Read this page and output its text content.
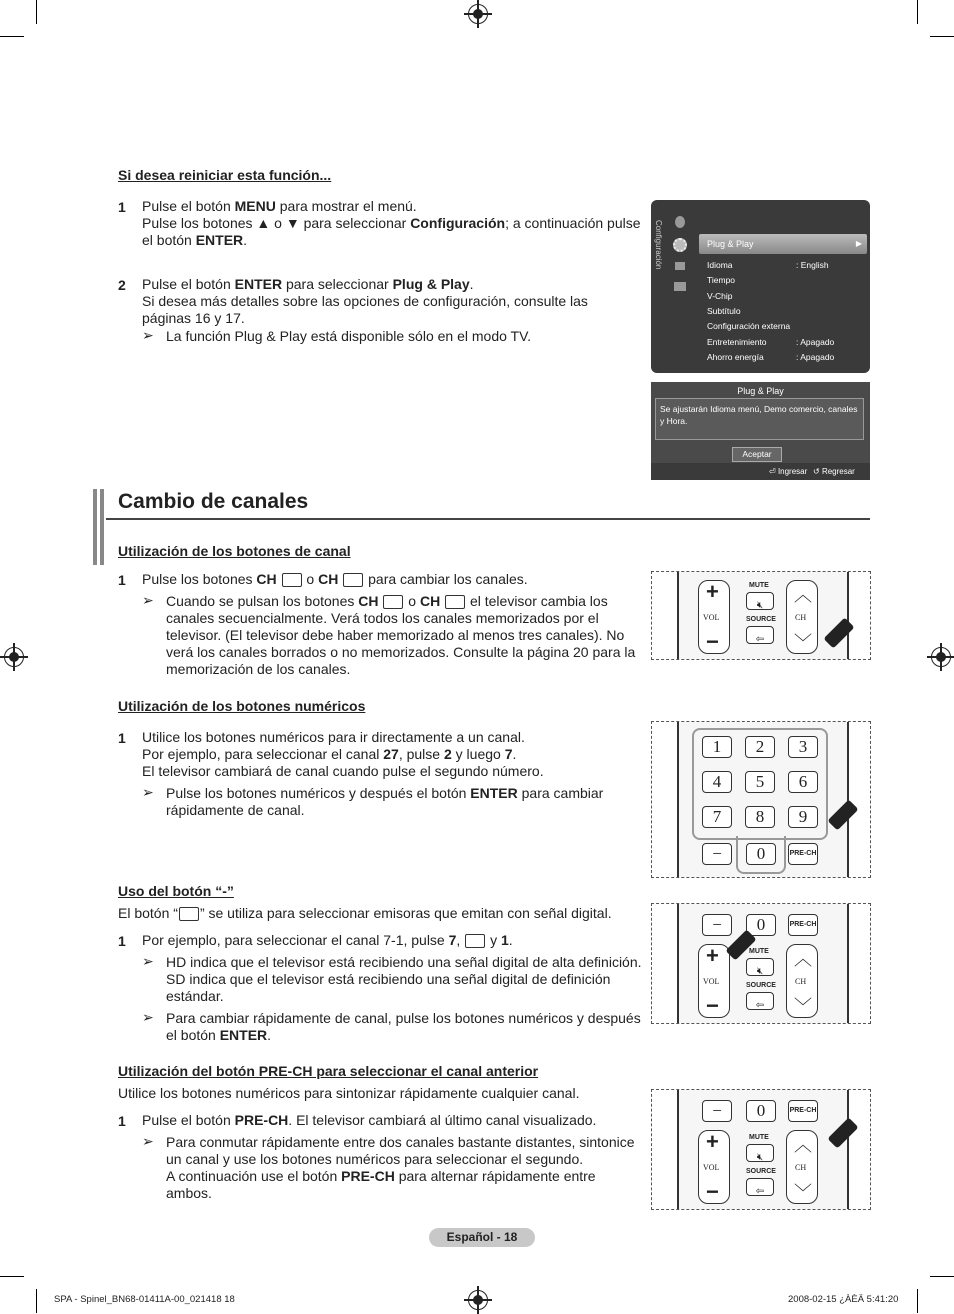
Si desea reiniciar esta función...

1 Pulse el botón MENU para mostrar el menú.

Pulse los botones ▲ o ▼ para seleccionar Configuración; a continuación pulse

el botón ENTER.

2 Pulse el botón ENTER para seleccionar Plug & Play.

Si desea más detalles sobre las opciones de configuración, consulte las

páginas 16 y 17.

➢ La función Plug & Play está disponible sólo en el modo TV.

Configuración	Plug & Play	▶
Idioma	: English
Tiempo
V-Chip
Subtítulo
Configuración externa
Entretenimiento	: Apagado
Ahorro energía	: Apagado
Plug & Play
Se ajustarán Idioma menú, Demo comercio, canales y Hora.
Aceptar
⏎ Ingresar ↺ Regresar
Cambio de canales

Utilización de los botones de canal

1 Pulse los botones CH  o CH  para cambiar los canales.

➢ Cuando se pulsan los botones CH  o CH  el televisor cambia los

canales secuencialmente. Verá todos los canales memorizados por el

televisor. (El televisor debe haber memorizado al menos tres canales). No

verá los canales borrados o no memorizados. Consulte la página 20 para la

memorización de los canales.

+
VOL
−
MUTE
🔇︎
SOURCE
⇦
︿
CH
﹀

Utilización de los botones numéricos

1 Utilice los botones numéricos para ir directamente a un canal.

Por ejemplo, para seleccionar el canal 27, pulse 2 y luego 7.

El televisor cambiará de canal cuando pulse el segundo número.

➢ Pulse los botones numéricos y después el botón ENTER para cambiar

rápidamente de canal.

1	2	3
4	5	6
7	8	9
−	0	PRE-CH

Uso del botón “-”

El botón “ ” se utiliza para seleccionar emisoras que emitan con señal digital.

1 Por ejemplo, para seleccionar el canal 7-1, pulse 7,  y 1.

➢ HD indica que el televisor está recibiendo una señal digital de alta definición.

SD indica que el televisor está recibiendo una señal digital de definición

estándar.

➢ Para cambiar rápidamente de canal, pulse los botones numéricos y después

el botón ENTER.

−	0	PRE-CH
+
VOL
−
MUTE
🔇︎
SOURCE
⇦
︿
CH
﹀

Utilización del botón PRE-CH para seleccionar el canal anterior

Utilice los botones numéricos para sintonizar rápidamente cualquier canal.

1 Pulse el botón PRE-CH. El televisor cambiará al último canal visualizado.

➢ Para conmutar rápidamente entre dos canales bastante distantes, sintonice

un canal y use los botones numéricos para seleccionar el segundo.

A continuación use el botón PRE-CH para alternar rápidamente entre

ambos.

−	0	PRE-CH
+
VOL
−
MUTE
🔇︎
SOURCE
⇦
︿
CH
﹀
Español - 18
SPA - Spinel_BN68-01411A-00_021418 18	2008-02-15 ¿ÀÈÄ 5:41:20
